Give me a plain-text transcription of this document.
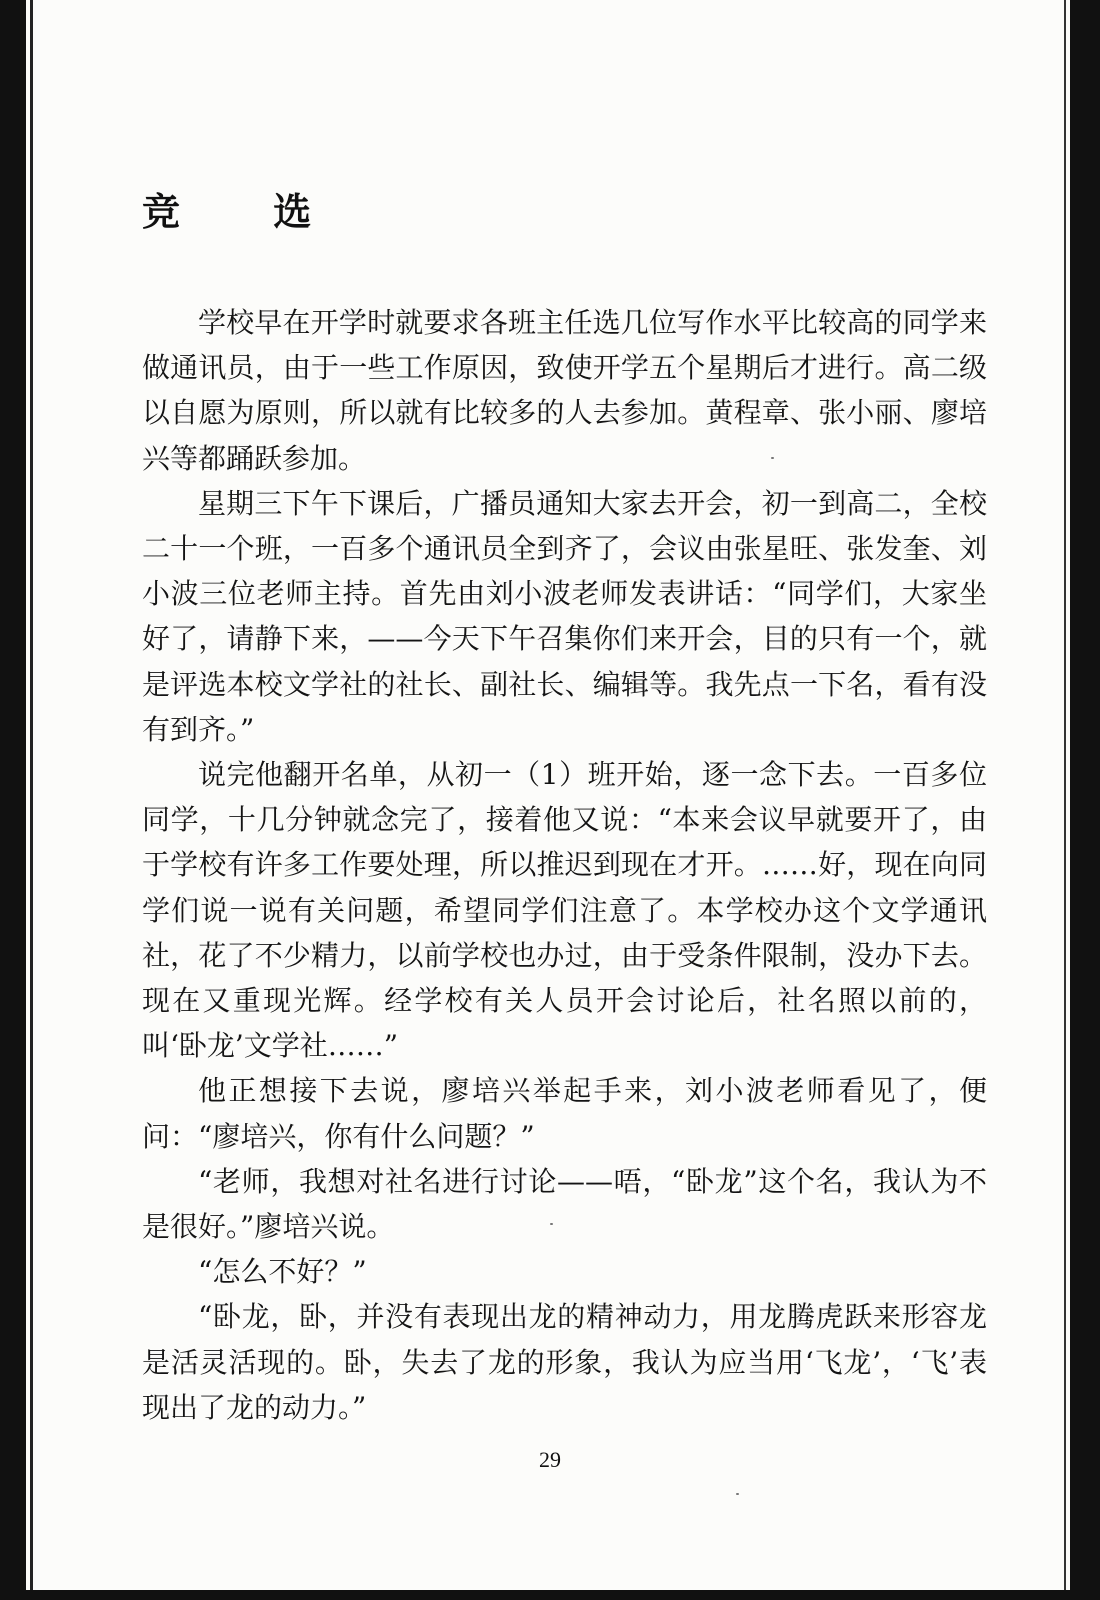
竞 选

学校早在开学时就要求各班主任选几位写作水平比较高的同学来做通讯员，由于一些工作原因，致使开学五个星期后才进行。高二级以自愿为原则，所以就有比较多的人去参加。黄程章、张小丽、廖培兴等都踊跃参加。

星期三下午下课后，广播员通知大家去开会，初一到高二，全校二十一个班，一百多个通讯员全到齐了，会议由张星旺、张发奎、刘小波三位老师主持。首先由刘小波老师发表讲话：“同学们，大家坐好了，请静下来，——今天下午召集你们来开会，目的只有一个，就是评选本校文学社的社长、副社长、编辑等。我先点一下名，看有没有到齐。”

说完他翻开名单，从初一（1）班开始，逐一念下去。一百多位同学，十几分钟就念完了，接着他又说：“本来会议早就要开了，由于学校有许多工作要处理，所以推迟到现在才开。……好，现在向同学们说一说有关问题，希望同学们注意了。本学校办这个文学通讯社，花了不少精力，以前学校也办过，由于受条件限制，没办下去。现在又重现光辉。经学校有关人员开会讨论后，社名照以前的，叫‘卧龙’文学社……”

他正想接下去说，廖培兴举起手来，刘小波老师看见了，便问：“廖培兴，你有什么问题？”

“老师，我想对社名进行讨论——唔，“卧龙”这个名，我认为不是很好。”廖培兴说。

“怎么不好？”

“卧龙，卧，并没有表现出龙的精神动力，用龙腾虎跃来形容龙是活灵活现的。卧，失去了龙的形象，我认为应当用‘飞龙’，‘飞’表现出了龙的动力。”

29
